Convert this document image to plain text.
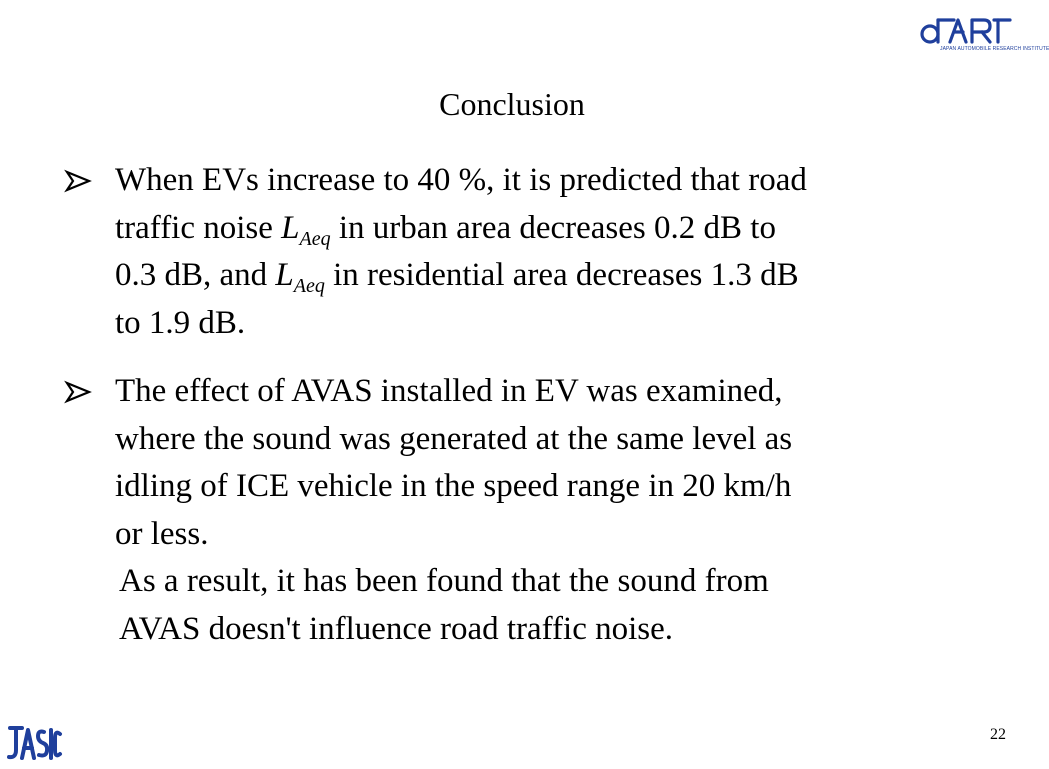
JAPAN AUTOMOBILE RESEARCH INSTITUTE
Conclusion
When EVs increase to 40 %, it is predicted that road
traffic noise $L_{Aeq}$ in urban area decreases 0.2 dB to
0.3 dB, and $L_{Aeq}$ in residential area decreases 1.3 dB
to 1.9 dB.
The effect of AVAS installed in EV was examined,
where the sound was generated at the same level as
idling of ICE vehicle in the speed range in 20 km/h
or less.
As a result, it has been found that the sound from
AVAS doesn't influence road traffic noise.
22
